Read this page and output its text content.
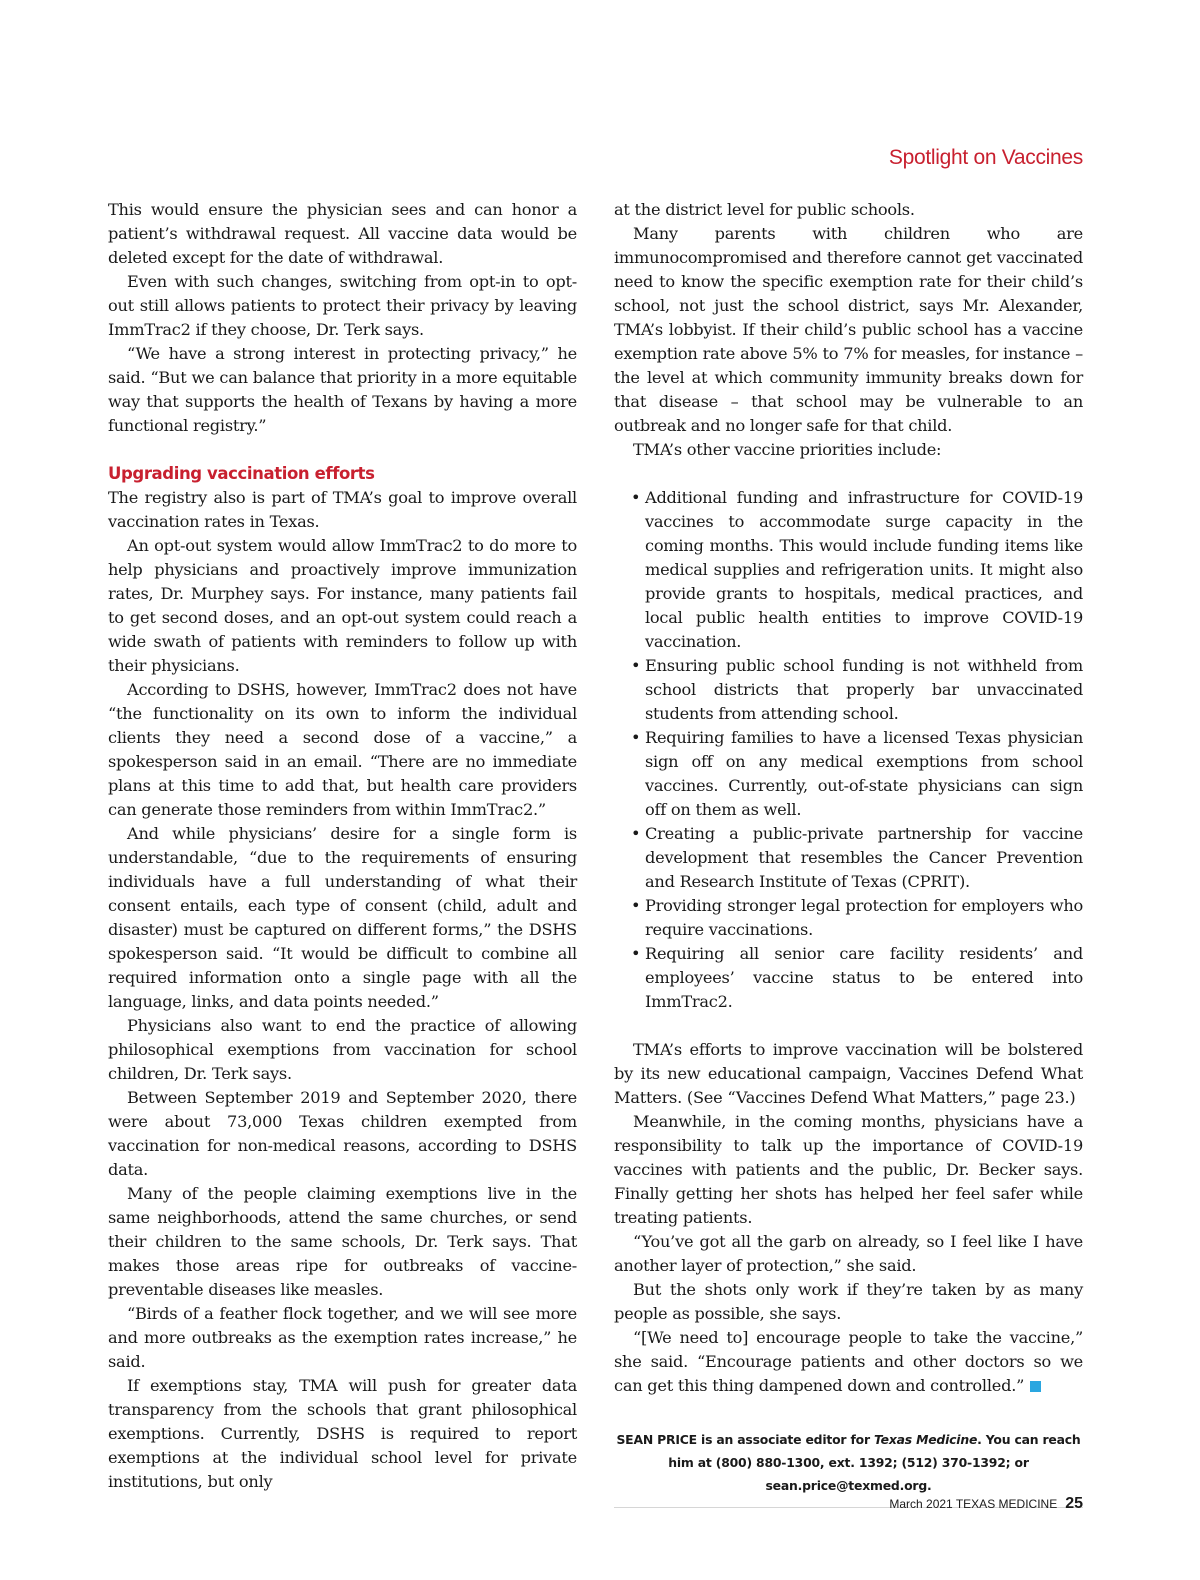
Spotlight on Vaccines

This would ensure the physician sees and can honor a patient’s withdrawal request. All vaccine data would be deleted except for the date of withdrawal.

Even with such changes, switching from opt-in to opt-out still allows patients to protect their privacy by leaving ImmTrac2 if they choose, Dr. Terk says.

“We have a strong interest in protecting privacy,” he said. “But we can balance that priority in a more equitable way that supports the health of Texans by having a more functional registry.”

Upgrading vaccination efforts

The registry also is part of TMA’s goal to improve overall vaccination rates in Texas.

An opt-out system would allow ImmTrac2 to do more to help physicians and proactively improve immunization rates, Dr. Murphey says. For instance, many patients fail to get second doses, and an opt-out system could reach a wide swath of patients with reminders to follow up with their physicians.

According to DSHS, however, ImmTrac2 does not have “the functionality on its own to inform the individual clients they need a second dose of a vaccine,” a spokesperson said in an email. “There are no immediate plans at this time to add that, but health care providers can generate those reminders from within ImmTrac2.”

And while physicians’ desire for a single form is understandable, “due to the requirements of ensuring individuals have a full understanding of what their consent entails, each type of consent (child, adult and disaster) must be captured on different forms,” the DSHS spokesperson said. “It would be difficult to combine all required information onto a single page with all the language, links, and data points needed.”

Physicians also want to end the practice of allowing philosophical exemptions from vaccination for school children, Dr. Terk says.

Between September 2019 and September 2020, there were about 73,000 Texas children exempted from vaccination for non-medical reasons, according to DSHS data.

Many of the people claiming exemptions live in the same neighborhoods, attend the same churches, or send their children to the same schools, Dr. Terk says. That makes those areas ripe for outbreaks of vaccine-preventable diseases like measles.

“Birds of a feather flock together, and we will see more and more outbreaks as the exemption rates increase,” he said.

If exemptions stay, TMA will push for greater data transparency from the schools that grant philosophical exemptions. Currently, DSHS is required to report exemptions at the individual school level for private institutions, but only

at the district level for public schools.

Many parents with children who are immunocompromised and therefore cannot get vaccinated need to know the specific exemption rate for their child’s school, not just the school district, says Mr. Alexander, TMA’s lobbyist. If their child’s public school has a vaccine exemption rate above 5% to 7% for measles, for instance – the level at which community immunity breaks down for that disease – that school may be vulnerable to an outbreak and no longer safe for that child.

TMA’s other vaccine priorities include:

• Additional funding and infrastructure for COVID-19 vaccines to accommodate surge capacity in the coming months. This would include funding items like medical supplies and refrigeration units. It might also provide grants to hospitals, medical practices, and local public health entities to improve COVID-19 vaccination.
• Ensuring public school funding is not withheld from school districts that properly bar unvaccinated students from attending school.
• Requiring families to have a licensed Texas physician sign off on any medical exemptions from school vaccines. Currently, out-of-state physicians can sign off on them as well.
• Creating a public-private partnership for vaccine development that resembles the Cancer Prevention and Research Institute of Texas (CPRIT).
• Providing stronger legal protection for employers who require vaccinations.
• Requiring all senior care facility residents’ and employees’ vaccine status to be entered into ImmTrac2.

TMA’s efforts to improve vaccination will be bolstered by its new educational campaign, Vaccines Defend What Matters. (See “Vaccines Defend What Matters,” page 23.)

Meanwhile, in the coming months, physicians have a responsibility to talk up the importance of COVID-19 vaccines with patients and the public, Dr. Becker says. Finally getting her shots has helped her feel safer while treating patients.

“You’ve got all the garb on already, so I feel like I have another layer of protection,” she said.

But the shots only work if they’re taken by as many people as possible, she says.

“[We need to] encourage people to take the vaccine,” she said. “Encourage patients and other doctors so we can get this thing dampened down and controlled.”

SEAN PRICE is an associate editor for Texas Medicine. You can reach him at (800) 880-1300, ext. 1392; (512) 370-1392; or sean.price@texmed.org.
March 2021 TEXAS MEDICINE 25
